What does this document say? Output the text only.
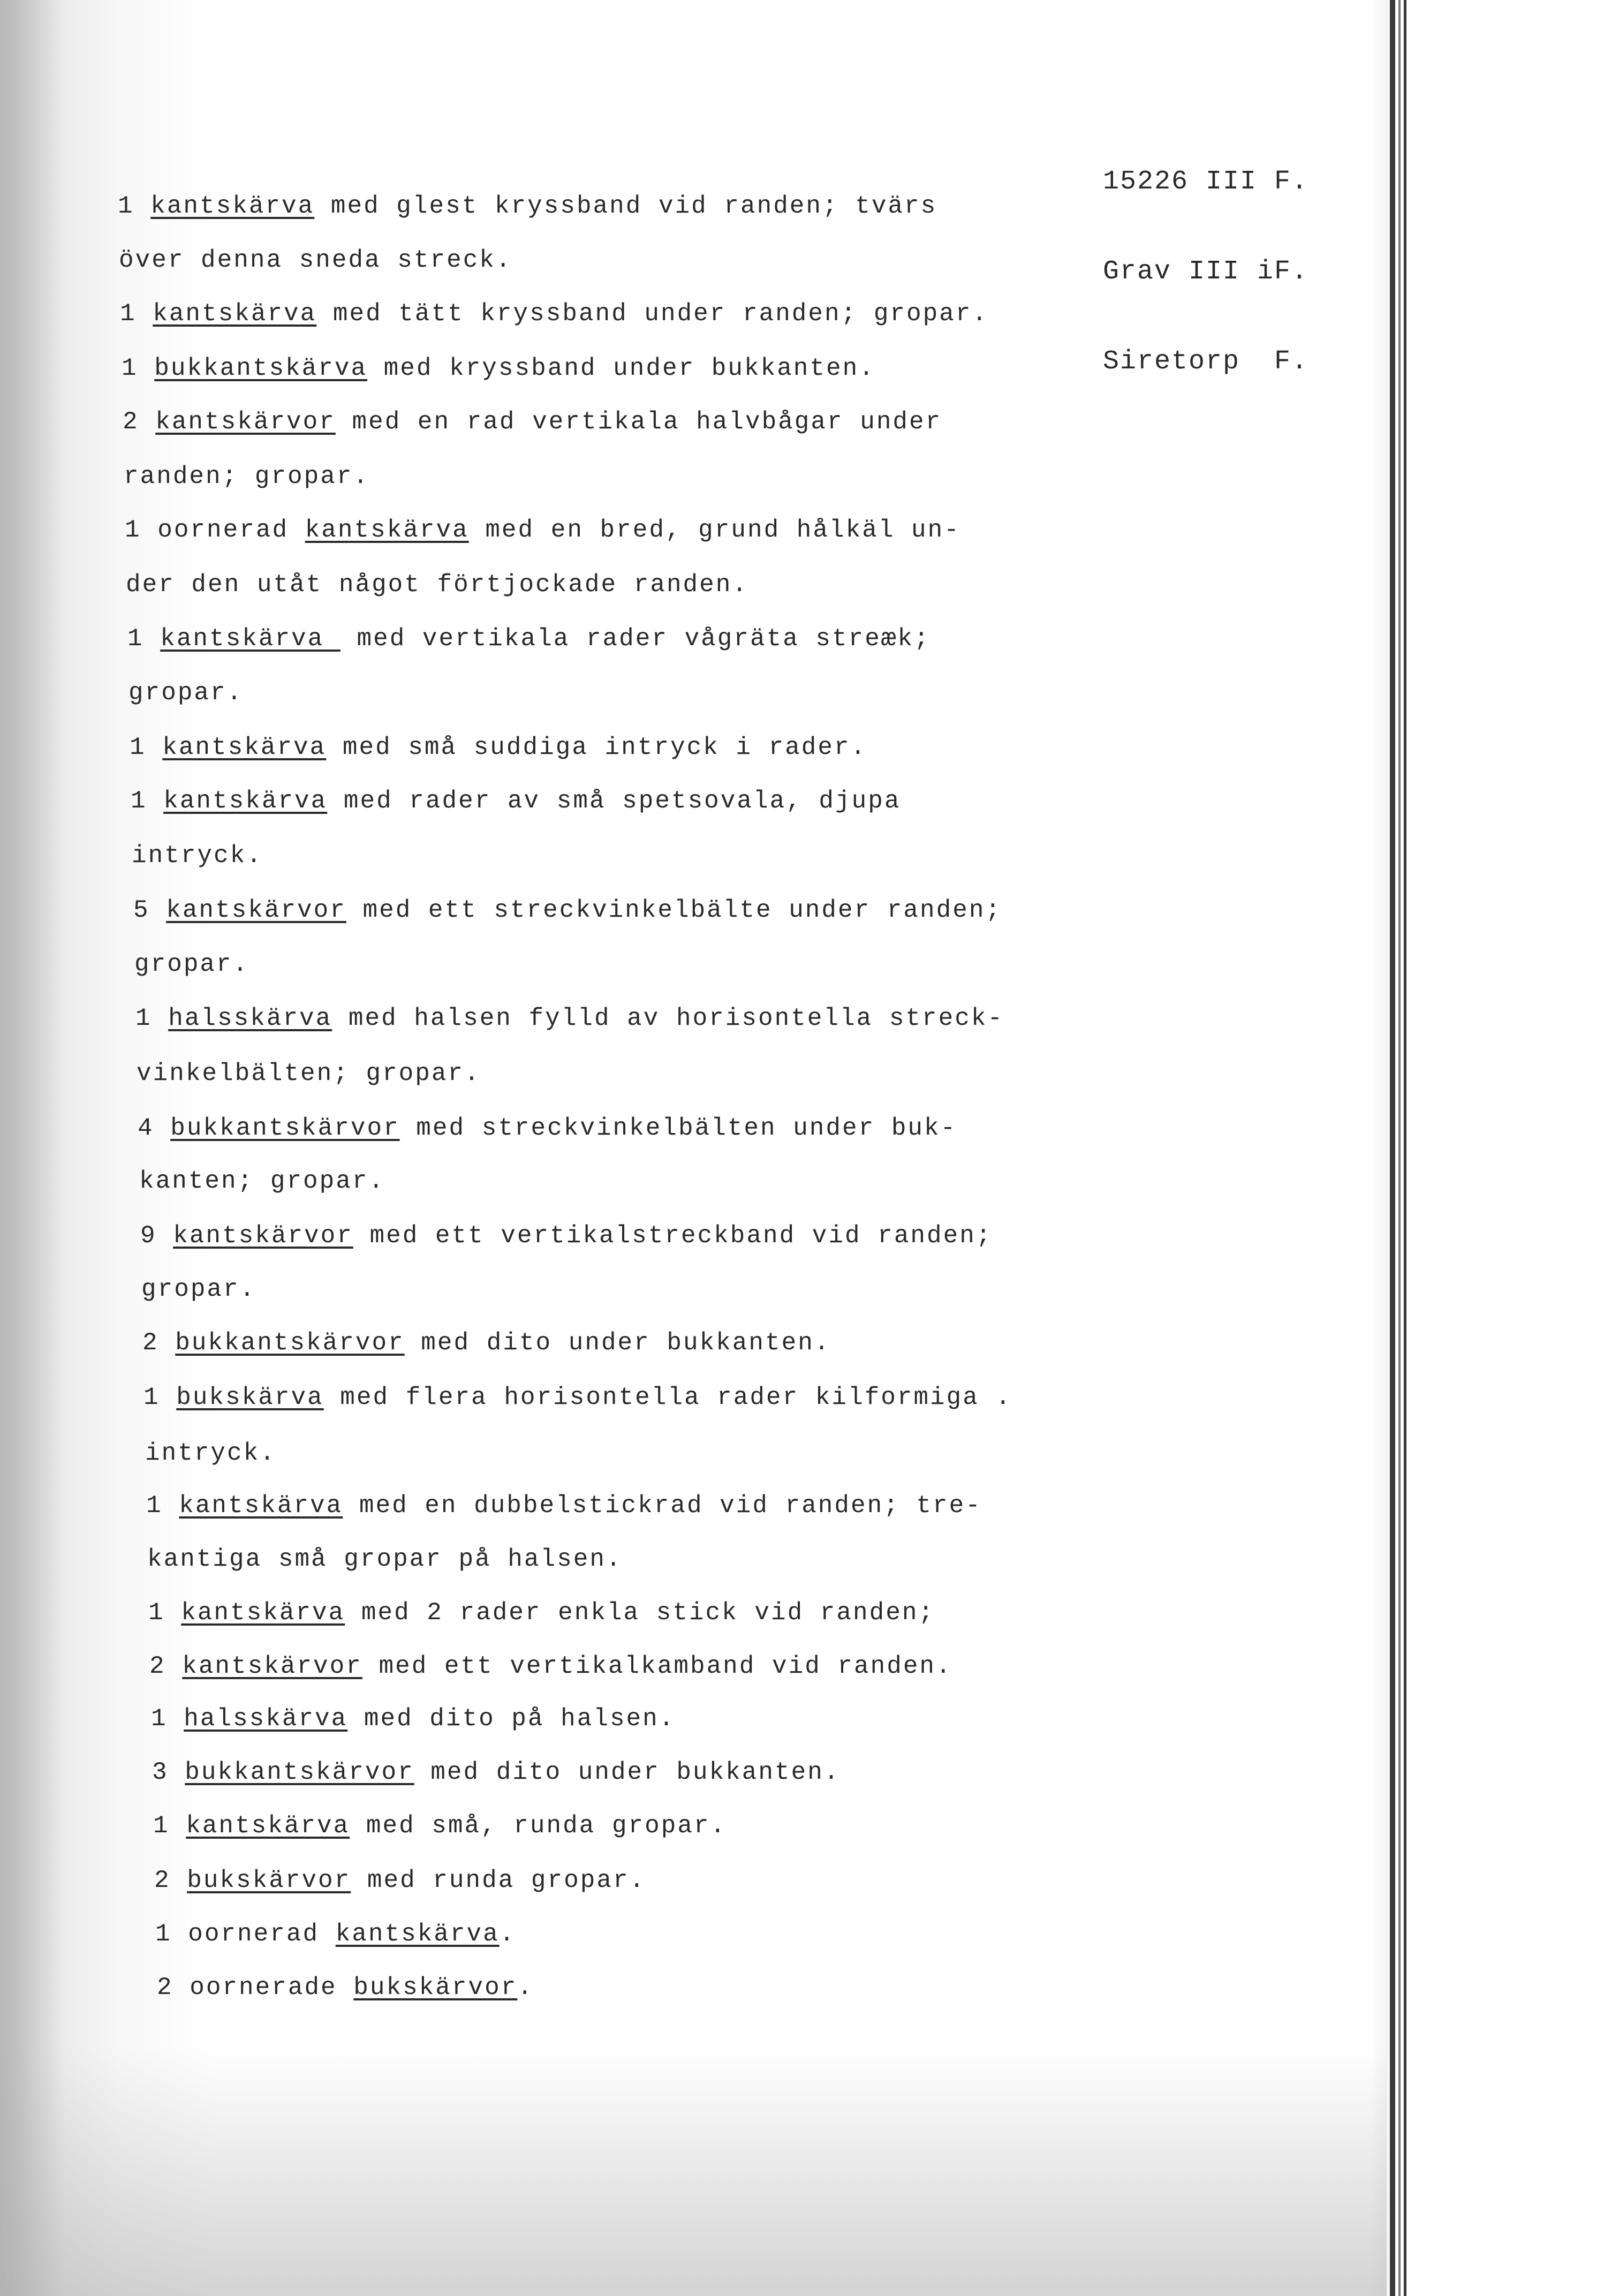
15226 III F.

Grav III iF.

Siretorp  F.

1 kantskärva med glest kryssband vid randen; tvärs
över denna sneda streck.
1 kantskärva med tätt kryssband under randen; gropar.
1 bukkantskärva med kryssband under bukkanten.
2 kantskärvor med en rad vertikala halvbågar under
randen; gropar.
1 oornerad kantskärva med en bred, grund hålkäl un-
der den utåt något förtjockade randen.
1 kantskärva  med vertikala rader vågräta streæk;
gropar.
1 kantskärva med små suddiga intryck i rader.
1 kantskärva med rader av små spetsovala, djupa
intryck.
5 kantskärvor med ett streckvinkelbälte under randen;
gropar.
1 halsskärva med halsen fylld av horisontella streck-
vinkelbälten; gropar.
4 bukkantskärvor med streckvinkelbälten under buk-
kanten; gropar.
9 kantskärvor med ett vertikalstreckband vid randen;
gropar.
2 bukkantskärvor med dito under bukkanten.
1 bukskärva med flera horisontella rader kilformiga .
intryck.
1 kantskärva med en dubbelstickrad vid randen; tre-
kantiga små gropar på halsen.
1 kantskärva med 2 rader enkla stick vid randen;
2 kantskärvor med ett vertikalkamband vid randen.
1 halsskärva med dito på halsen.
3 bukkantskärvor med dito under bukkanten.
1 kantskärva med små, runda gropar.
2 bukskärvor med runda gropar.
1 oornerad kantskärva.
2 oornerade bukskärvor.
